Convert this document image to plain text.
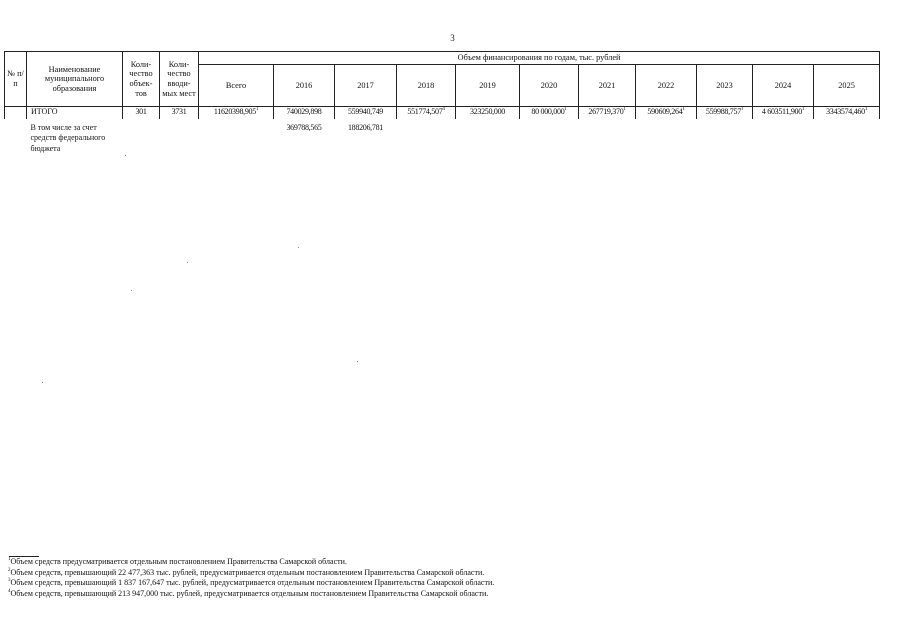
3
№ п/п	Наименование муниципального образования	Коли-чество объек-тов	Коли-чество вводи-мых мест	Объем финансирования по годам, тыс. рублей										
				Всего	2016	2017	2018	2019	2020	2021	2022	2023	2024	2025
	ИТОГО	301	3731	11620398,905$^1$	740029,898	559940,749	551774,507$^4$	323250,000	80 000,000$^1$	267719,370$^1$	590609,264$^1$	559988,757$^1$	4 603511,900$^1$	3343574,460$^1$
	В том числе за счет средств федерального бюджета				369788,565	188206,781								
$^1$Объем средств предусматривается отдельным постановлением Правительства Самарской области.
$^2$Объем средств, превышающий 22 477,363 тыс. рублей, предусматривается отдельным постановлением Правительства Самарской области.
$^3$Объем средств, превышающий 1 837 167,647 тыс. рублей, предусматривается отдельным постановлением Правительства Самарской области.
$^4$Объем средств, превышающий 213 947,000 тыс. рублей, предусматривается отдельным постановлением Правительства Самарской области.
